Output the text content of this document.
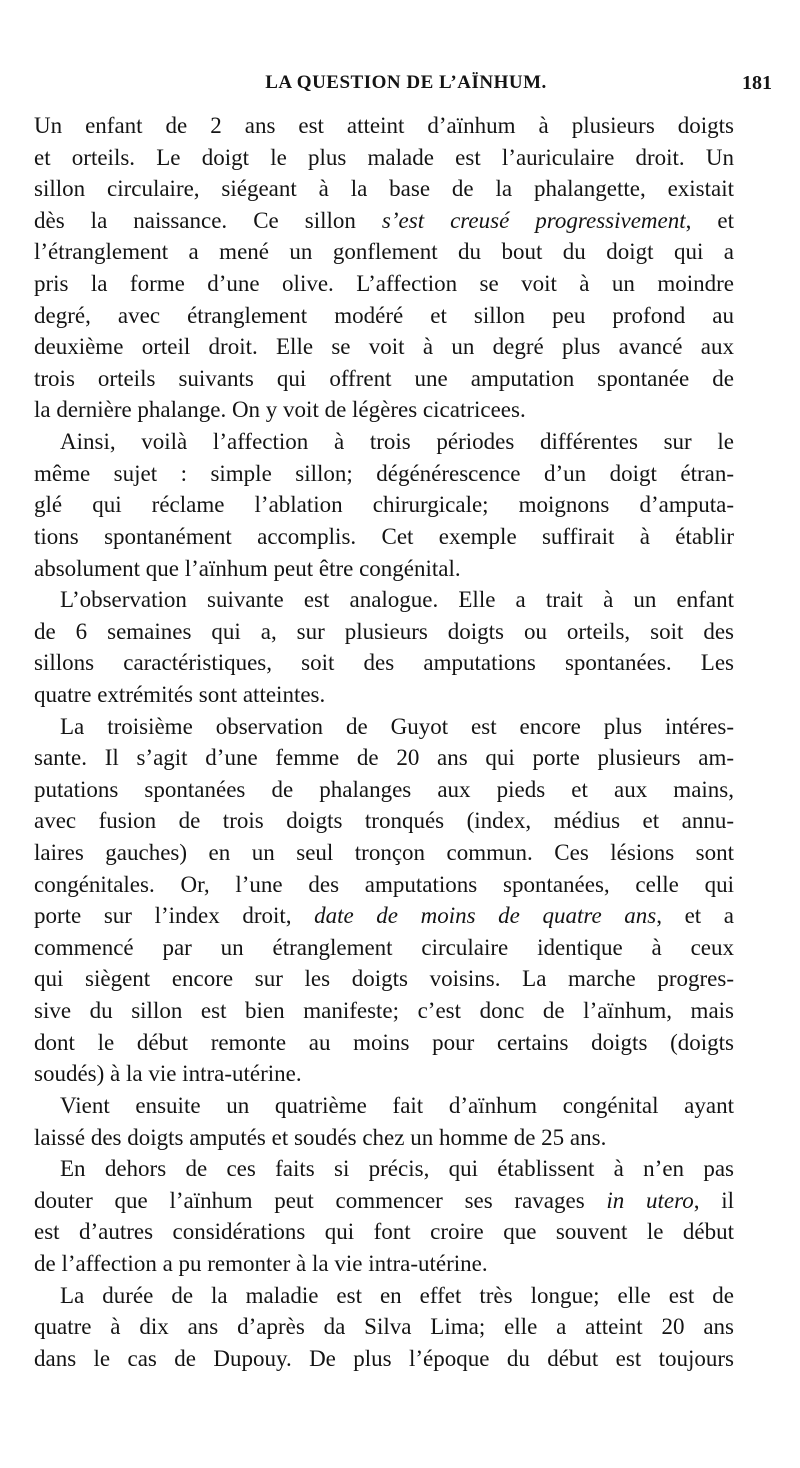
LA QUESTION DE L’AÏNHUM.	181
Un enfant de 2 ans est atteint d’aïnhum à plusieurs doigts
et orteils. Le doigt le plus malade est l’auriculaire droit. Un
sillon circulaire, siégeant à la base de la phalangette, existait
dès la naissance. Ce sillon s’est creusé progressivement, et
l’étranglement a mené un gonflement du bout du doigt qui a
pris la forme d’une olive. L’affection se voit à un moindre
degré, avec étranglement modéré et sillon peu profond au
deuxième orteil droit. Elle se voit à un degré plus avancé aux
trois orteils suivants qui offrent une amputation spontanée de
la dernière phalange. On y voit de légères cicatricees.
Ainsi, voilà l’affection à trois périodes différentes sur le
même sujet : simple sillon; dégénérescence d’un doigt étran-
glé qui réclame l’ablation chirurgicale; moignons d’amputa-
tions spontanément accomplis. Cet exemple suffirait à établir
absolument que l’aïnhum peut être congénital.
L’observation suivante est analogue. Elle a trait à un enfant
de 6 semaines qui a, sur plusieurs doigts ou orteils, soit des
sillons caractéristiques, soit des amputations spontanées. Les
quatre extrémités sont atteintes.
La troisième observation de Guyot est encore plus intéres-
sante. Il s’agit d’une femme de 20 ans qui porte plusieurs am-
putations spontanées de phalanges aux pieds et aux mains,
avec fusion de trois doigts tronqués (index, médius et annu-
laires gauches) en un seul tronçon commun. Ces lésions sont
congénitales. Or, l’une des amputations spontanées, celle qui
porte sur l’index droit, date de moins de quatre ans, et a
commencé par un étranglement circulaire identique à ceux
qui siègent encore sur les doigts voisins. La marche progres-
sive du sillon est bien manifeste; c’est donc de l’aïnhum, mais
dont le début remonte au moins pour certains doigts (doigts
soudés) à la vie intra-utérine.
Vient ensuite un quatrième fait d’aïnhum congénital ayant
laissé des doigts amputés et soudés chez un homme de 25 ans.
En dehors de ces faits si précis, qui établissent à n’en pas
douter que l’aïnhum peut commencer ses ravages in utero, il
est d’autres considérations qui font croire que souvent le début
de l’affection a pu remonter à la vie intra-utérine.
La durée de la maladie est en effet très longue; elle est de
quatre à dix ans d’après da Silva Lima; elle a atteint 20 ans
dans le cas de Dupouy. De plus l’époque du début est toujours
